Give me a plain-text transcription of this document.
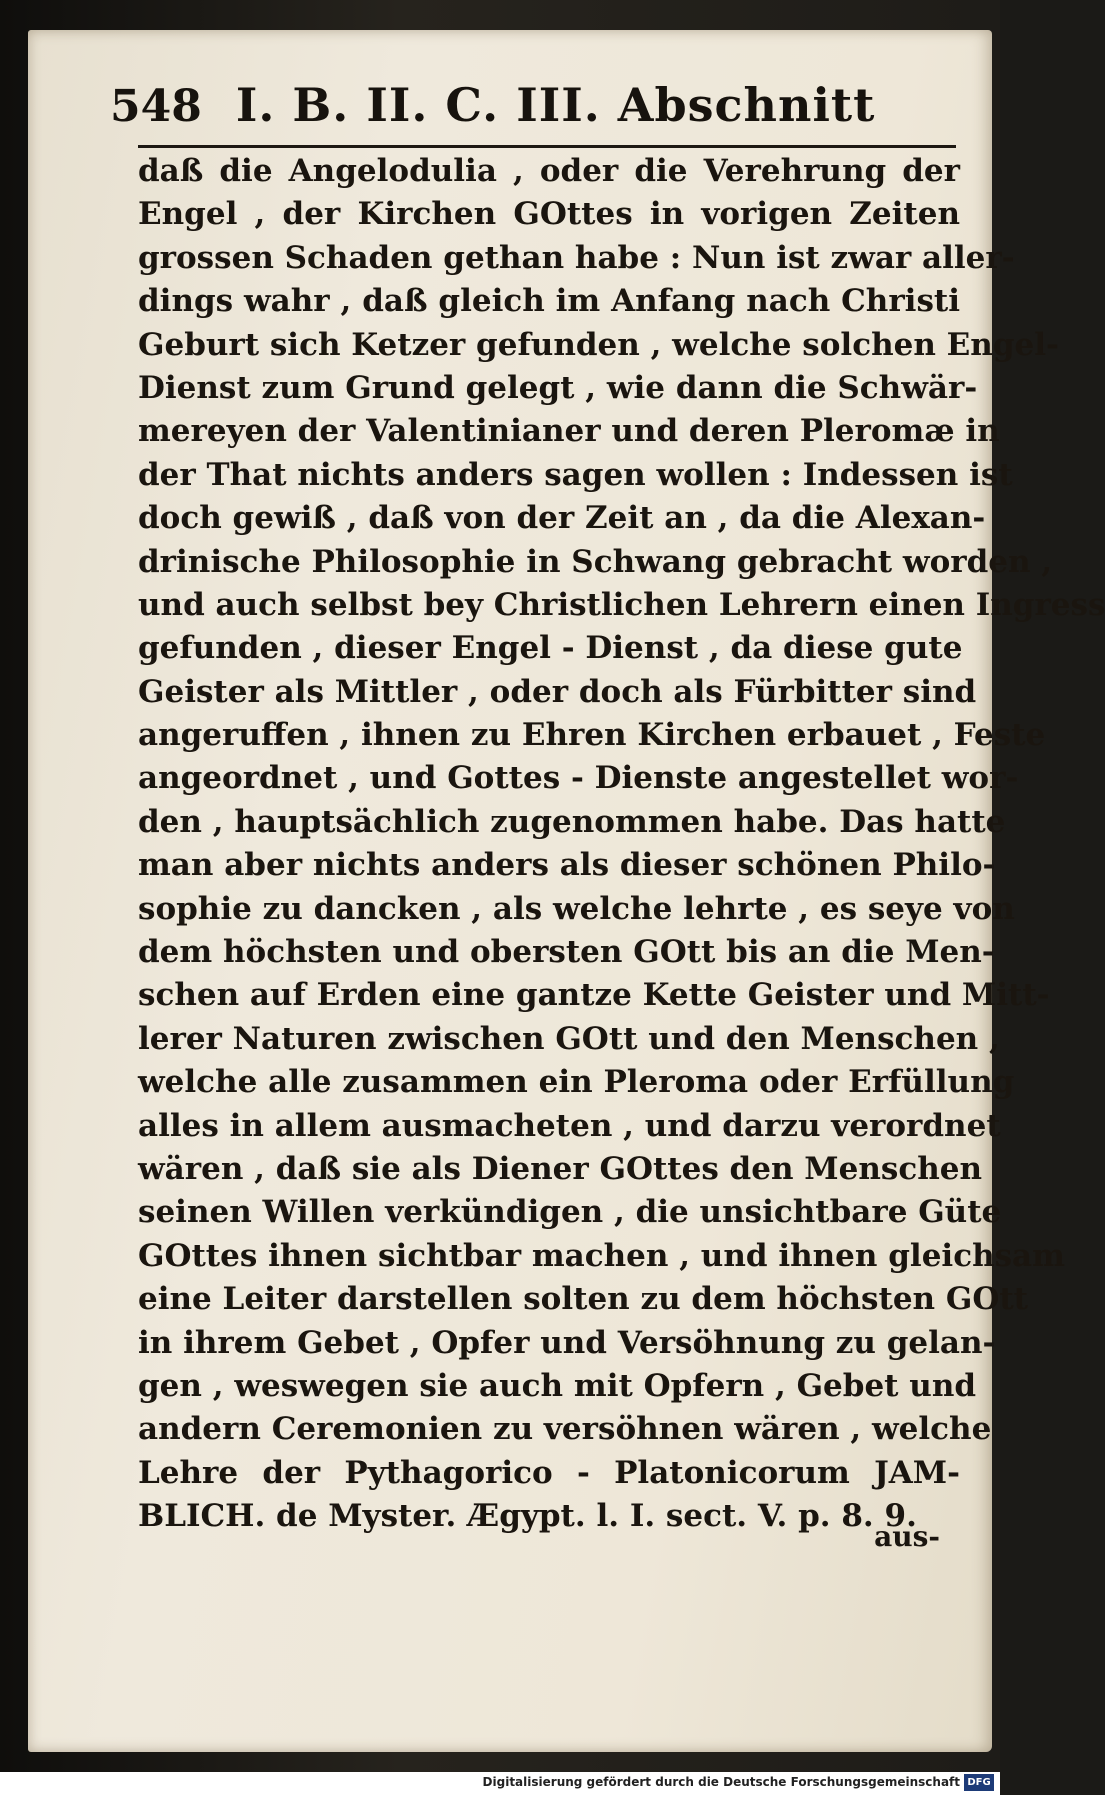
548 I. B. II. C. III. Abschnitt
daß die Angelodulia , oder die Verehrung der
Engel , der Kirchen GOttes in vorigen Zeiten
grossen Schaden gethan habe : Nun ist zwar aller-
dings wahr , daß gleich im Anfang nach Christi
Geburt sich Ketzer gefunden , welche solchen Engel-
Dienst zum Grund gelegt , wie dann die Schwär-
mereyen der Valentinianer und deren Pleromæ in
der That nichts anders sagen wollen : Indessen ist
doch gewiß , daß von der Zeit an , da die Alexan-
drinische Philosophie in Schwang gebracht worden ,
und auch selbst bey Christlichen Lehrern einen Ingress
gefunden , dieser Engel - Dienst , da diese gute
Geister als Mittler , oder doch als Fürbitter sind
angeruffen , ihnen zu Ehren Kirchen erbauet , Feste
angeordnet , und Gottes - Dienste angestellet wor-
den , hauptsächlich zugenommen habe. Das hatte
man aber nichts anders als dieser schönen Philo-
sophie zu dancken , als welche lehrte , es seye von
dem höchsten und obersten GOtt bis an die Men-
schen auf Erden eine gantze Kette Geister und Mitt-
lerer Naturen zwischen GOtt und den Menschen ,
welche alle zusammen ein Pleroma oder Erfüllung
alles in allem ausmacheten , und darzu verordnet
wären , daß sie als Diener GOttes den Menschen
seinen Willen verkündigen , die unsichtbare Güte
GOttes ihnen sichtbar machen , und ihnen gleichsam
eine Leiter darstellen solten zu dem höchsten GOtt
in ihrem Gebet , Opfer und Versöhnung zu gelan-
gen , weswegen sie auch mit Opfern , Gebet und
andern Ceremonien zu versöhnen wären , welche
Lehre der Pythagorico - Platonicorum JAM-
BLICH. de Myster. Ægypt. l. I. sect. V. p. 8. 9.
aus-
Digitalisierung gefördert durch die Deutsche Forschungsgemeinschaft DFG
